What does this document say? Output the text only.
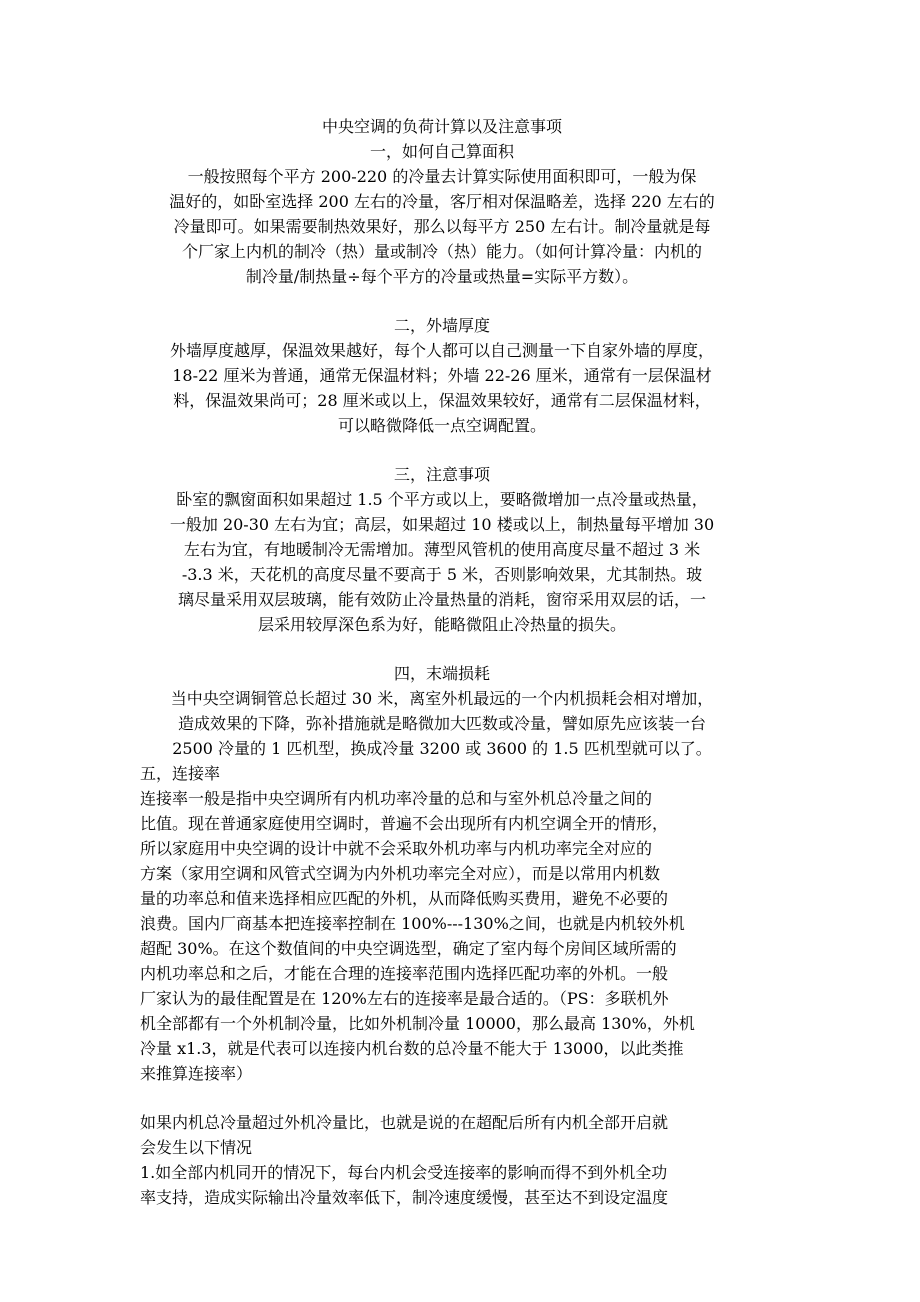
中央空调的负荷计算以及注意事项
一，如何自己算面积
一般按照每个平方 200-220 的冷量去计算实际使用面积即可，一般为保
温好的，如卧室选择 200 左右的冷量，客厅相对保温略差，选择 220 左右的
冷量即可。如果需要制热效果好，那么以每平方 250 左右计。制冷量就是每
个厂家上内机的制冷（热）量或制冷（热）能力。（如何计算冷量：内机的
制冷量/制热量÷每个平方的冷量或热量=实际平方数）。
二，外墙厚度
外墙厚度越厚，保温效果越好，每个人都可以自己测量一下自家外墙的厚度，
18-22 厘米为普通，通常无保温材料；外墙 22-26 厘米，通常有一层保温材
料，保温效果尚可；28 厘米或以上，保温效果较好，通常有二层保温材料，
可以略微降低一点空调配置。
三，注意事项
卧室的飘窗面积如果超过 1.5 个平方或以上，要略微增加一点冷量或热量，
一般加 20-30 左右为宜；高层，如果超过 10 楼或以上，制热量每平增加 30
左右为宜，有地暖制冷无需增加。薄型风管机的使用高度尽量不超过 3 米
-3.3 米，天花机的高度尽量不要高于 5 米，否则影响效果，尤其制热。玻
璃尽量采用双层玻璃，能有效防止冷量热量的消耗，窗帘采用双层的话，一
层采用较厚深色系为好，能略微阻止冷热量的损失。
四，末端损耗
当中央空调铜管总长超过 30 米，离室外机最远的一个内机损耗会相对增加，
造成效果的下降，弥补措施就是略微加大匹数或冷量，譬如原先应该装一台
2500 冷量的 1 匹机型，换成冷量 3200 或 3600 的 1.5 匹机型就可以了。
五，连接率
连接率一般是指中央空调所有内机功率冷量的总和与室外机总冷量之间的
比值。现在普通家庭使用空调时，普遍不会出现所有内机空调全开的情形，
所以家庭用中央空调的设计中就不会采取外机功率与内机功率完全对应的
方案（家用空调和风管式空调为内外机功率完全对应），而是以常用内机数
量的功率总和值来选择相应匹配的外机，从而降低购买费用，避免不必要的
浪费。国内厂商基本把连接率控制在 100%---130%之间，也就是内机较外机
超配 30%。在这个数值间的中央空调选型，确定了室内每个房间区域所需的
内机功率总和之后，才能在合理的连接率范围内选择匹配功率的外机。一般
厂家认为的最佳配置是在 120%左右的连接率是最合适的。（PS：多联机外
机全部都有一个外机制冷量，比如外机制冷量 10000，那么最高 130%，外机
冷量 x1.3，就是代表可以连接内机台数的总冷量不能大于 13000，以此类推
来推算连接率）
如果内机总冷量超过外机冷量比，也就是说的在超配后所有内机全部开启就
会发生以下情况
1.如全部内机同开的情况下，每台内机会受连接率的影响而得不到外机全功
率支持，造成实际输出冷量效率低下，制冷速度缓慢，甚至达不到设定温度
